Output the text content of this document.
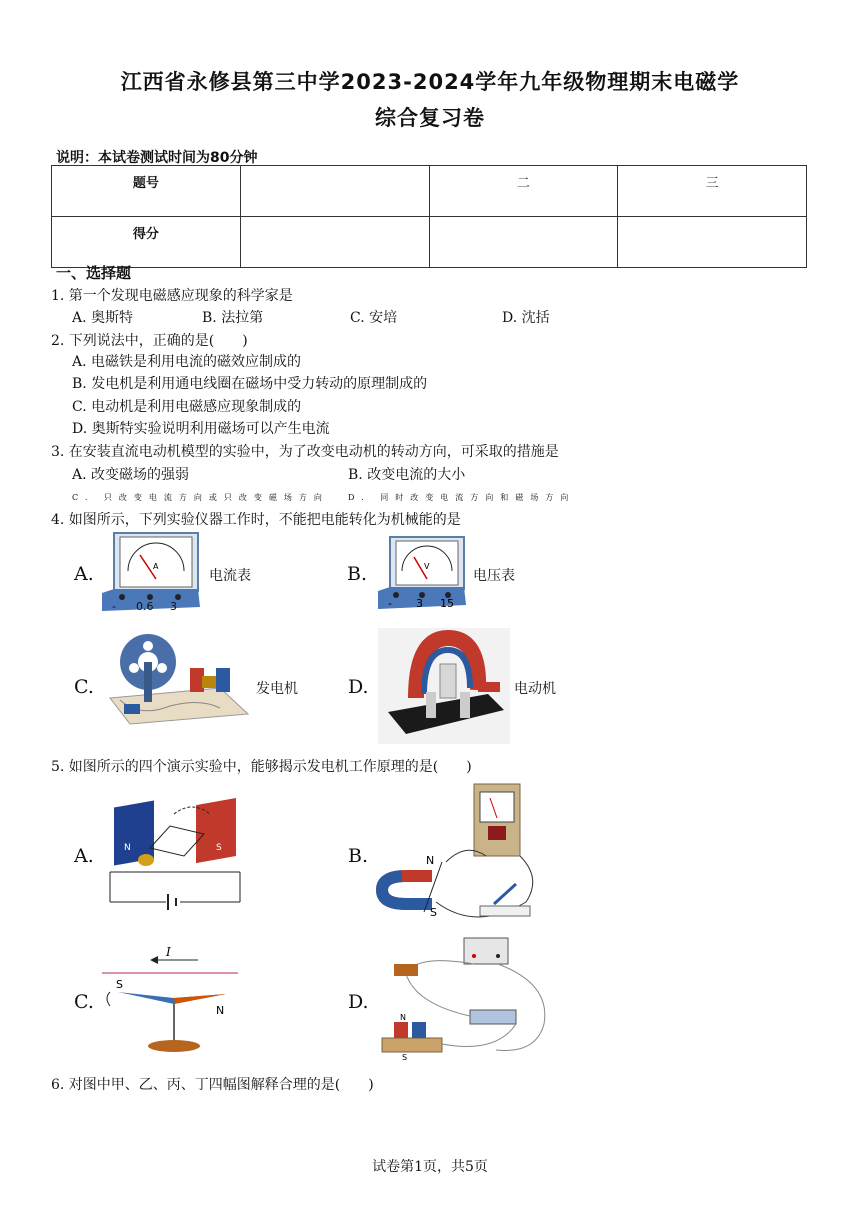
江西省永修县第三中学2023-2024学年九年级物理期末电磁学
综合复习卷
说明：本试卷测试时间为80分钟
题号		二	三
得分			
一、选择题
1. 第一个发现电磁感应现象的科学家是
A. 奥斯特	B. 法拉第	C. 安培	D. 沈括
2. 下列说法中，正确的是(　　)
A. 电磁铁是利用电流的磁效应制成的
B. 发电机是利用通电线圈在磁场中受力转动的原理制成的
C. 电动机是利用电磁感应现象制成的
D. 奥斯特实验说明利用磁场可以产生电流
3. 在安装直流电动机模型的实验中，为了改变电动机的转动方向，可采取的措施是
A. 改变磁场的强弱	B. 改变电流的大小
C. 只改变电流方向或只改变磁场方向 D. 同时改变电流方向和磁场方向
4. 如图所示，下列实验仪器工作时，不能把电能转化为机械能的是
A.	A
- 0.6 3
电流表	B.	V
- 3 15
电压表
C.	发电机	D.	电动机
5. 如图所示的四个演示实验中，能够揭示发电机工作原理的是(　　)
A.	N	S	B.	N
S
C.
I
S
N	D.
N
S
6. 对图中甲、乙、丙、丁四幅图解释合理的是(　　)
试卷第1页，共5页
